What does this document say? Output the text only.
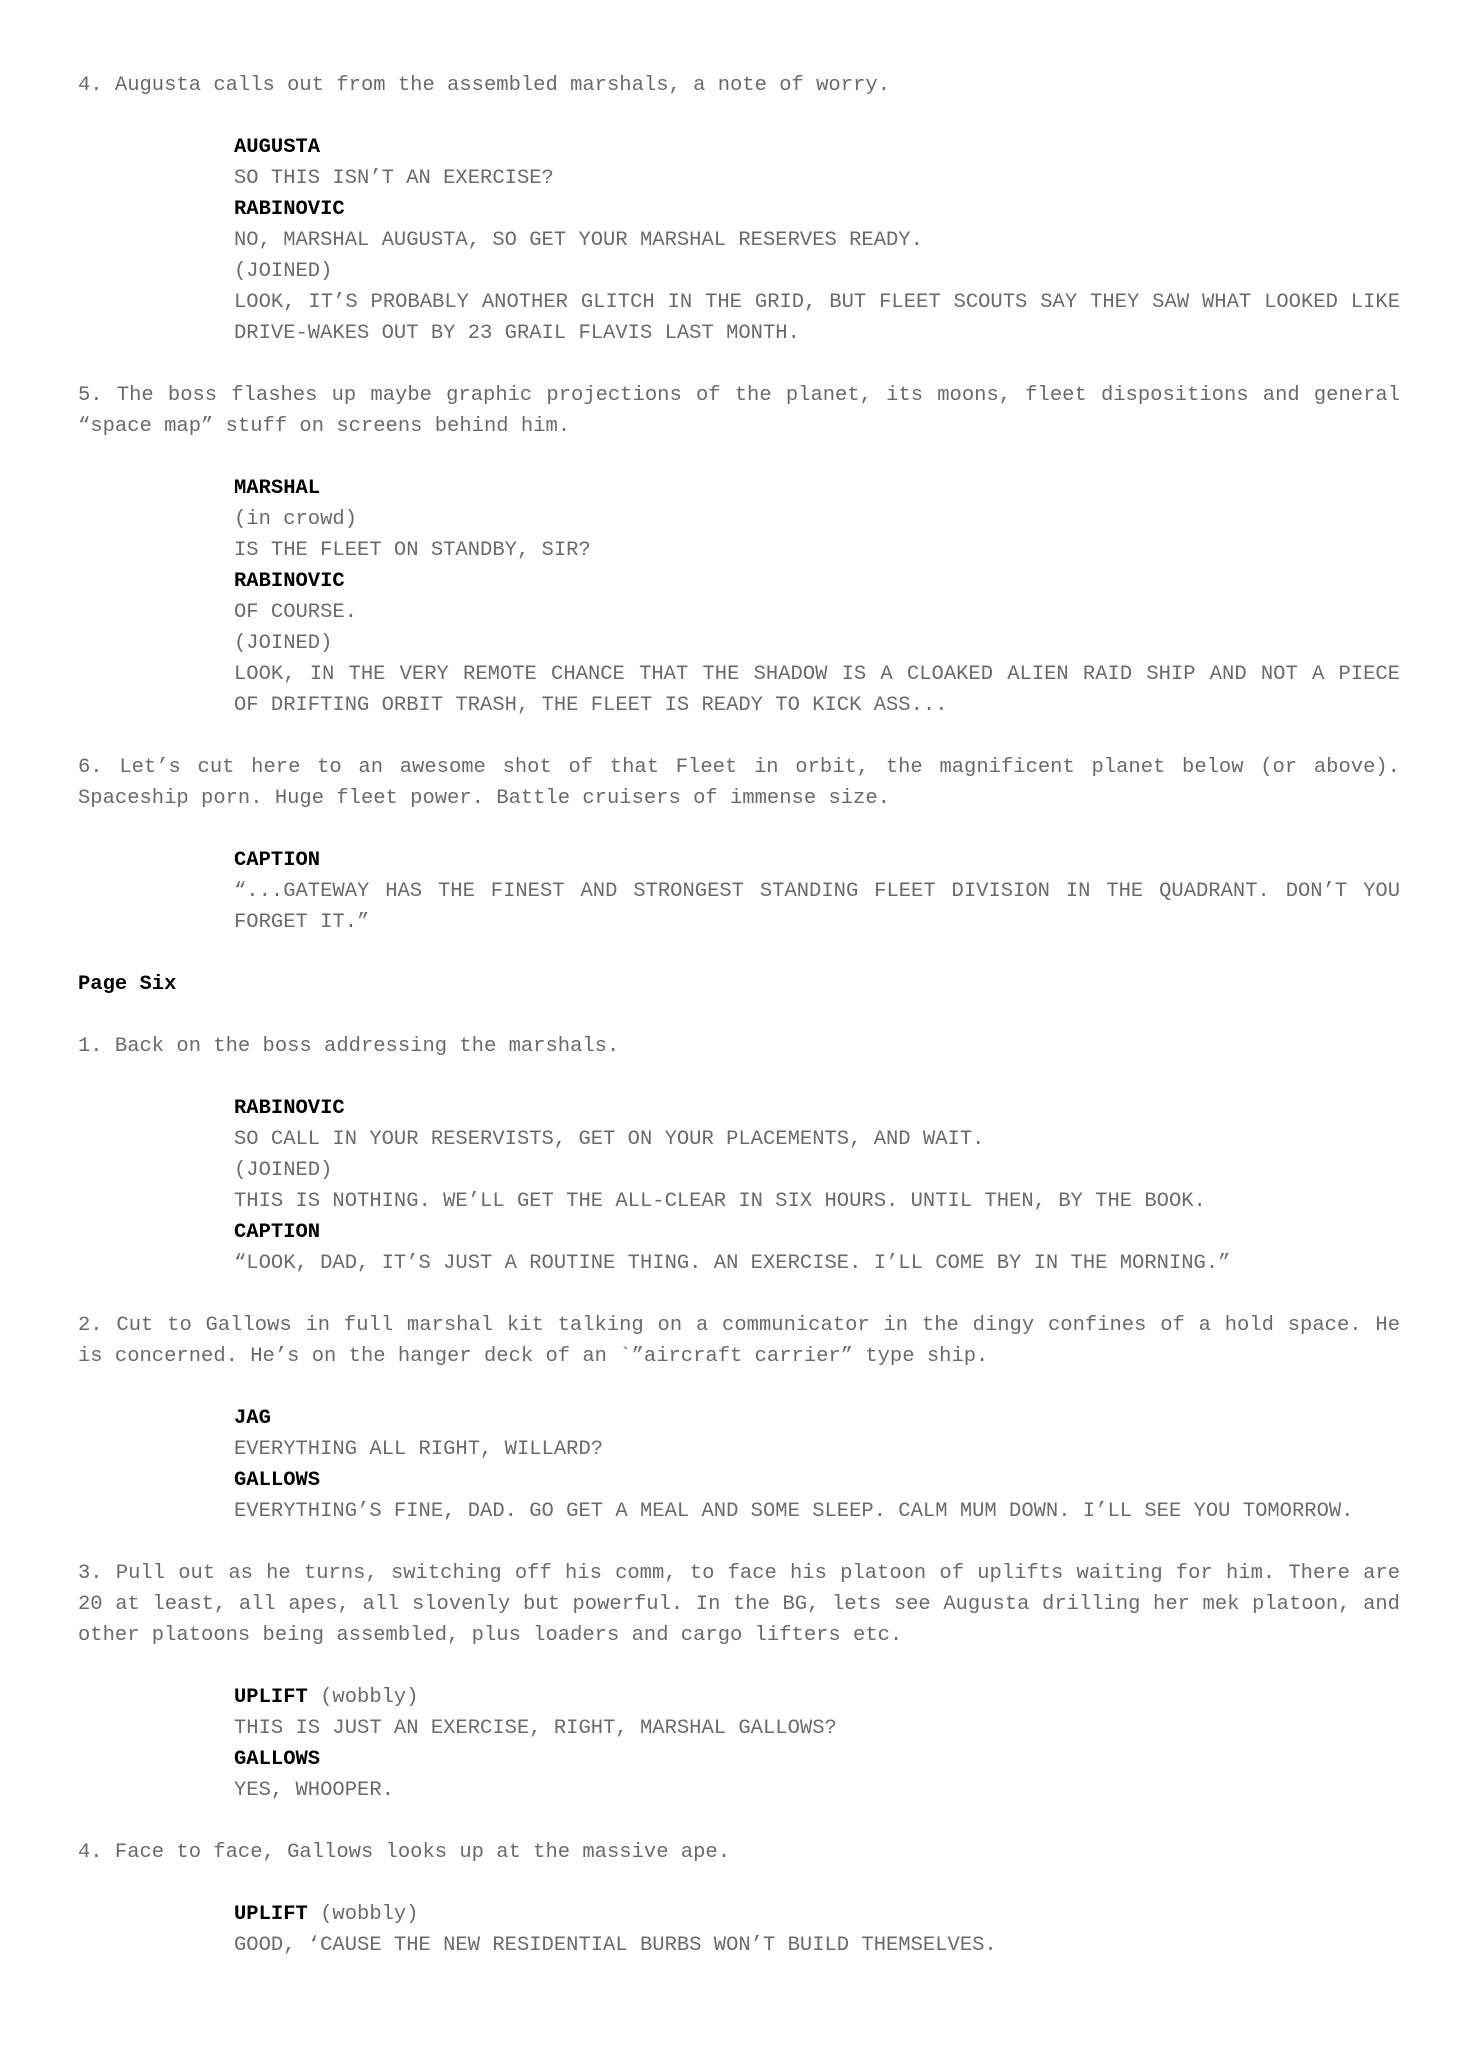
4. Augusta calls out from the assembled marshals, a note of worry.

AUGUSTA
SO THIS ISN’T AN EXERCISE?
RABINOVIC
NO, MARSHAL AUGUSTA, SO GET YOUR MARSHAL RESERVES READY.
(JOINED)
LOOK, IT’S PROBABLY ANOTHER GLITCH IN THE GRID, BUT FLEET SCOUTS SAY THEY SAW WHAT LOOKED LIKE DRIVE-WAKES OUT BY 23 GRAIL FLAVIS LAST MONTH.

5. The boss flashes up maybe graphic projections of the planet, its moons, fleet dispositions and general “space map” stuff on screens behind him.

MARSHAL
(in crowd)
IS THE FLEET ON STANDBY, SIR?
RABINOVIC
OF COURSE.
(JOINED)
LOOK, IN THE VERY REMOTE CHANCE THAT THE SHADOW IS A CLOAKED ALIEN RAID SHIP AND NOT A PIECE OF DRIFTING ORBIT TRASH, THE FLEET IS READY TO KICK ASS...

6. Let’s cut here to an awesome shot of that Fleet in orbit, the magnificent planet below (or above). Spaceship porn. Huge fleet power. Battle cruisers of immense size.

CAPTION
“...GATEWAY HAS THE FINEST AND STRONGEST STANDING FLEET DIVISION IN THE QUADRANT. DON’T YOU FORGET IT.”
Page Six

1. Back on the boss addressing the marshals.

RABINOVIC
SO CALL IN YOUR RESERVISTS, GET ON YOUR PLACEMENTS, AND WAIT.
(JOINED)
THIS IS NOTHING. WE’LL GET THE ALL-CLEAR IN SIX HOURS. UNTIL THEN, BY THE BOOK.
CAPTION
“LOOK, DAD, IT’S JUST A ROUTINE THING. AN EXERCISE. I’LL COME BY IN THE MORNING.”

2. Cut to Gallows in full marshal kit talking on a communicator in the dingy confines of a hold space. He is concerned. He’s on the hanger deck of an `”aircraft carrier” type ship.

JAG
EVERYTHING ALL RIGHT, WILLARD?
GALLOWS
EVERYTHING’S FINE, DAD. GO GET A MEAL AND SOME SLEEP. CALM MUM DOWN. I’LL SEE YOU TOMORROW.

3. Pull out as he turns, switching off his comm, to face his platoon of uplifts waiting for him. There are 20 at least, all apes, all slovenly but powerful. In the BG, lets see Augusta drilling her mek platoon, and other platoons being assembled, plus loaders and cargo lifters etc.

UPLIFT (wobbly)
THIS IS JUST AN EXERCISE, RIGHT, MARSHAL GALLOWS?
GALLOWS
YES, WHOOPER.

4. Face to face, Gallows looks up at the massive ape.

UPLIFT (wobbly)
GOOD, ‘CAUSE THE NEW RESIDENTIAL BURBS WON’T BUILD THEMSELVES.
